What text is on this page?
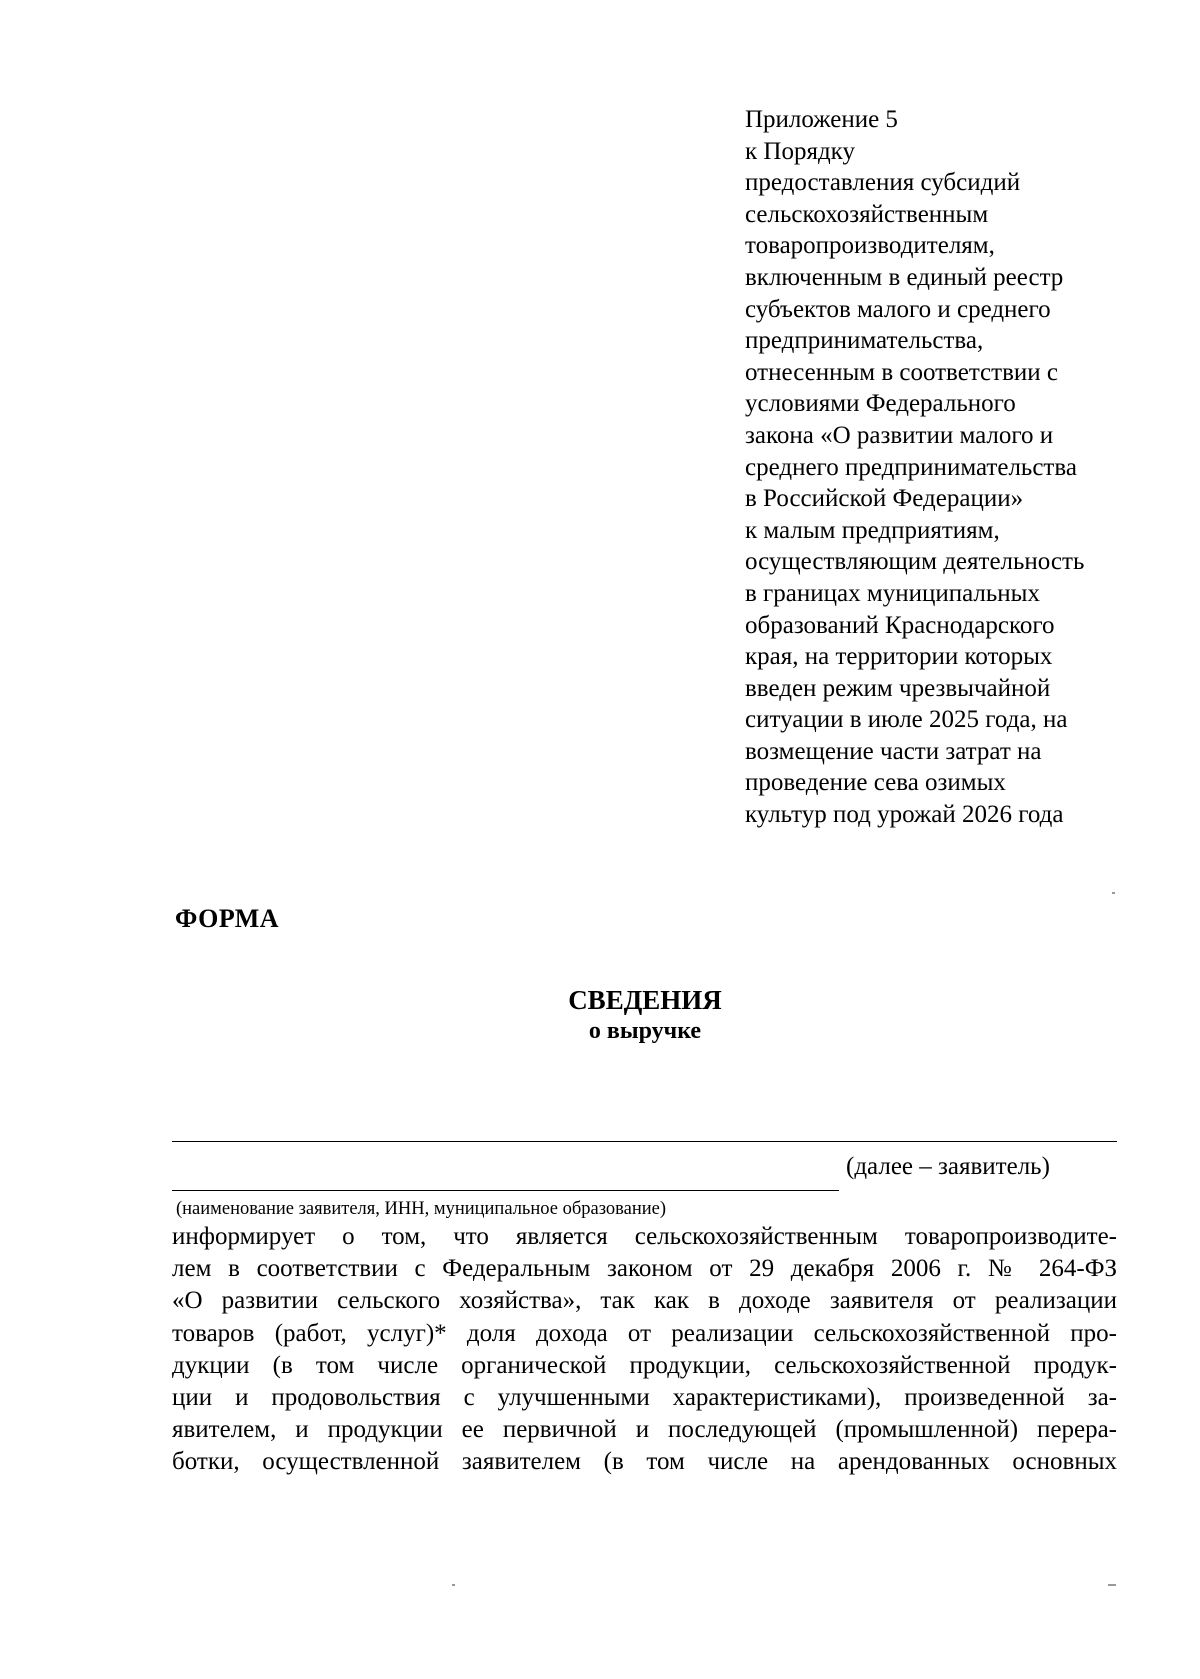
Приложение 5
к Порядку
предоставления субсидий
сельскохозяйственным
товаропроизводителям,
включенным в единый реестр
субъектов малого и среднего
предпринимательства,
отнесенным в соответствии с
условиями Федерального
закона «О развитии малого и
среднего предпринимательства
в Российской Федерации»
к малым предприятиям,
осуществляющим деятельность
в границах муниципальных
образований Краснодарского
края, на территории которых
введен режим чрезвычайной
ситуации в июле 2025 года, на
возмещение части затрат на
проведение сева озимых
культур под урожай 2026 года
ФОРМА
СВЕДЕНИЯ
о выручке
(далее – заявитель)
(наименование заявителя, ИНН, муниципальное образование)
информирует о том, что является сельскохозяйственным товаропроизводите-
лем в соответствии с Федеральным законом от 29 декабря 2006 г. № 264-ФЗ
«О развитии сельского хозяйства», так как в доходе заявителя от реализации
товаров (работ, услуг)* доля дохода от реализации сельскохозяйственной про-
дукции (в том числе органической продукции, сельскохозяйственной продук-
ции и продовольствия с улучшенными характеристиками), произведенной за-
явителем, и продукции ее первичной и последующей (промышленной) перера-
ботки, осуществленной заявителем (в том числе на арендованных основных
